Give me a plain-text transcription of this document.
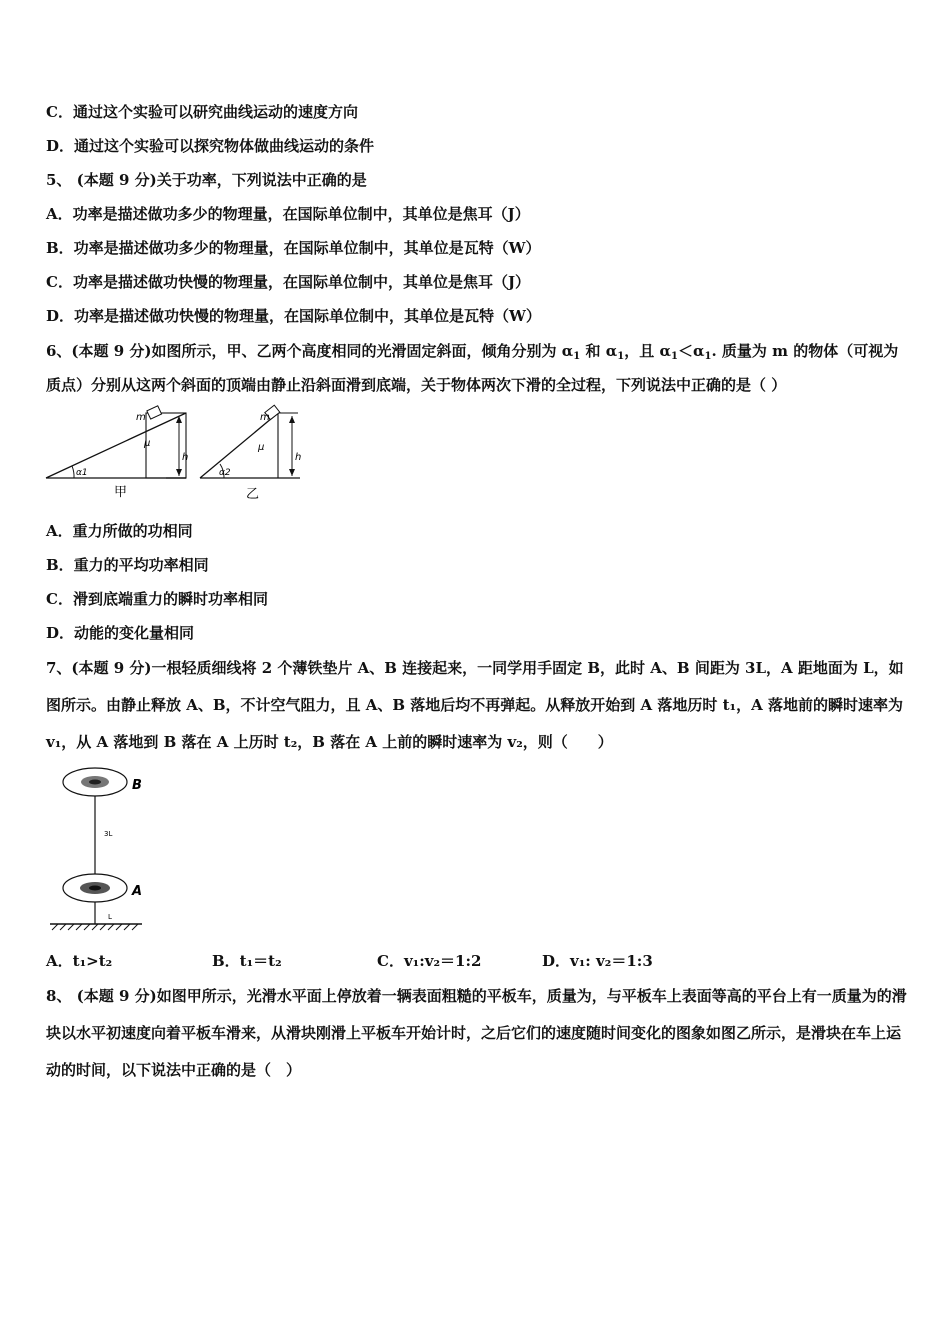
C．通过这个实验可以研究曲线运动的速度方向
D．通过这个实验可以探究物体做曲线运动的条件
5、 (本题 9 分)关于功率，下列说法中正确的是
A．功率是描述做功多少的物理量，在国际单位制中，其单位是焦耳（J）
B．功率是描述做功多少的物理量，在国际单位制中，其单位是瓦特（W）
C．功率是描述做功快慢的物理量，在国际单位制中，其单位是焦耳（J）
D．功率是描述做功快慢的物理量，在国际单位制中，其单位是瓦特（W）
6、(本题 9 分)如图所示，甲、乙两个高度相同的光滑固定斜面，倾角分别为 $\alpha_1$ 和 $\alpha_1$，且 $\alpha_1<\alpha_1$. 质量为 m 的物体（可视为质点）分别从这两个斜面的顶端由静止沿斜面滑到底端，关于物体两次下滑的全过程，下列说法中正确的是（ ）
m
μ
h
α1
甲
m
μ
h
α2
乙
A．重力所做的功相同
B．重力的平均功率相同
C．滑到底端重力的瞬时功率相同
D．动能的变化量相同
7、(本题 9 分)一根轻质细线将 2 个薄铁垫片 A、B 连接起来，一同学用手固定 B，此时 A、B 间距为 3L，A 距地面为 L，如图所示。由静止释放 A、B，不计空气阻力，且 A、B 落地后均不再弹起。从释放开始到 A 落地历时 t₁，A 落地前的瞬时速率为 v₁，从 A 落地到 B 落在 A 上历时 t₂，B 落在 A 上前的瞬时速率为 v₂，则（　　）
B
3L
A
L
A．t₁>t₂	B．t₁＝t₂	C．v₁:v₂＝1:2	D．v₁: v₂＝1:3
8、 (本题 9 分)如图甲所示，光滑水平面上停放着一辆表面粗糙的平板车，质量为，与平板车上表面等高的平台上有一质量为的滑块以水平初速度向着平板车滑来，从滑块刚滑上平板车开始计时，之后它们的速度随时间变化的图象如图乙所示，是滑块在车上运动的时间，以下说法中正确的是（　）
